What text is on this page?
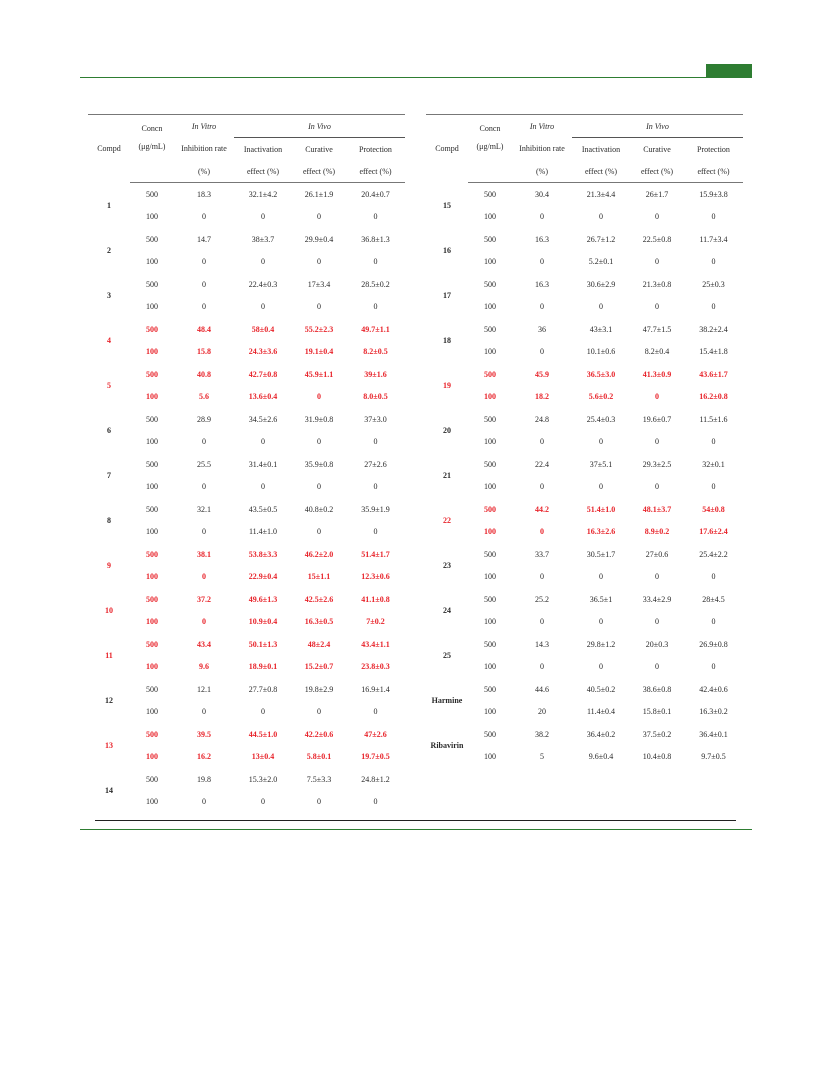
Compd	Concn

(μg/mL)	In Vitro	In Vivo		
		Inhibition rate	Inactivation	Curative	Protection
		(%)	effect (%)	effect (%)	effect (%)
1	500	18.3	32.1±4.2	26.1±1.9	20.4±0.7
	100	0	0	0	0
2	500	14.7	38±3.7	29.9±0.4	36.8±1.3
	100	0	0	0	0
3	500	0	22.4±0.3	17±3.4	28.5±0.2
	100	0	0	0	0
4	500	48.4	58±0.4	55.2±2.3	49.7±1.1
	100	15.8	24.3±3.6	19.1±0.4	8.2±0.5
5	500	40.8	42.7±0.8	45.9±1.1	39±1.6
	100	5.6	13.6±0.4	0	8.0±0.5
6	500	28.9	34.5±2.6	31.9±0.8	37±3.0
	100	0	0	0	0
7	500	25.5	31.4±0.1	35.9±0.8	27±2.6
	100	0	0	0	0
8	500	32.1	43.5±0.5	40.8±0.2	35.9±1.9
	100	0	11.4±1.0	0	0
9	500	38.1	53.8±3.3	46.2±2.0	51.4±1.7
	100	0	22.9±0.4	15±1.1	12.3±0.6
10	500	37.2	49.6±1.3	42.5±2.6	41.1±0.8
	100	0	10.9±0.4	16.3±0.5	7±0.2
11	500	43.4	50.1±1.3	48±2.4	43.4±1.1
	100	9.6	18.9±0.1	15.2±0.7	23.8±0.3
12	500	12.1	27.7±0.8	19.8±2.9	16.9±1.4
	100	0	0	0	0
13	500	39.5	44.5±1.0	42.2±0.6	47±2.6
	100	16.2	13±0.4	5.8±0.1	19.7±0.5
14	500	19.8	15.3±2.0	7.5±3.3	24.8±1.2
	100	0	0	0	0
Compd	Concn

(μg/mL)	In Vitro	In Vivo		
		Inhibition rate	Inactivation	Curative	Protection
		(%)	effect (%)	effect (%)	effect (%)
15	500	30.4	21.3±4.4	26±1.7	15.9±3.8
	100	0	0	0	0
16	500	16.3	26.7±1.2	22.5±0.8	11.7±3.4
	100	0	5.2±0.1	0	0
17	500	16.3	30.6±2.9	21.3±0.8	25±0.3
	100	0	0	0	0
18	500	36	43±3.1	47.7±1.5	38.2±2.4
	100	0	10.1±0.6	8.2±0.4	15.4±1.8
19	500	45.9	36.5±3.0	41.3±0.9	43.6±1.7
	100	18.2	5.6±0.2	0	16.2±0.8
20	500	24.8	25.4±0.3	19.6±0.7	11.5±1.6
	100	0	0	0	0
21	500	22.4	37±5.1	29.3±2.5	32±0.1
	100	0	0	0	0
22	500	44.2	51.4±1.0	48.1±3.7	54±0.8
	100	0	16.3±2.6	8.9±0.2	17.6±2.4
23	500	33.7	30.5±1.7	27±0.6	25.4±2.2
	100	0	0	0	0
24	500	25.2	36.5±1	33.4±2.9	28±4.5
	100	0	0	0	0
25	500	14.3	29.8±1.2	20±0.3	26.9±0.8
	100	0	0	0	0
Harmine	500	44.6	40.5±0.2	38.6±0.8	42.4±0.6
	100	20	11.4±0.4	15.8±0.1	16.3±0.2
Ribavirin	500	38.2	36.4±0.2	37.5±0.2	36.4±0.1
	100	5	9.6±0.4	10.4±0.8	9.7±0.5
